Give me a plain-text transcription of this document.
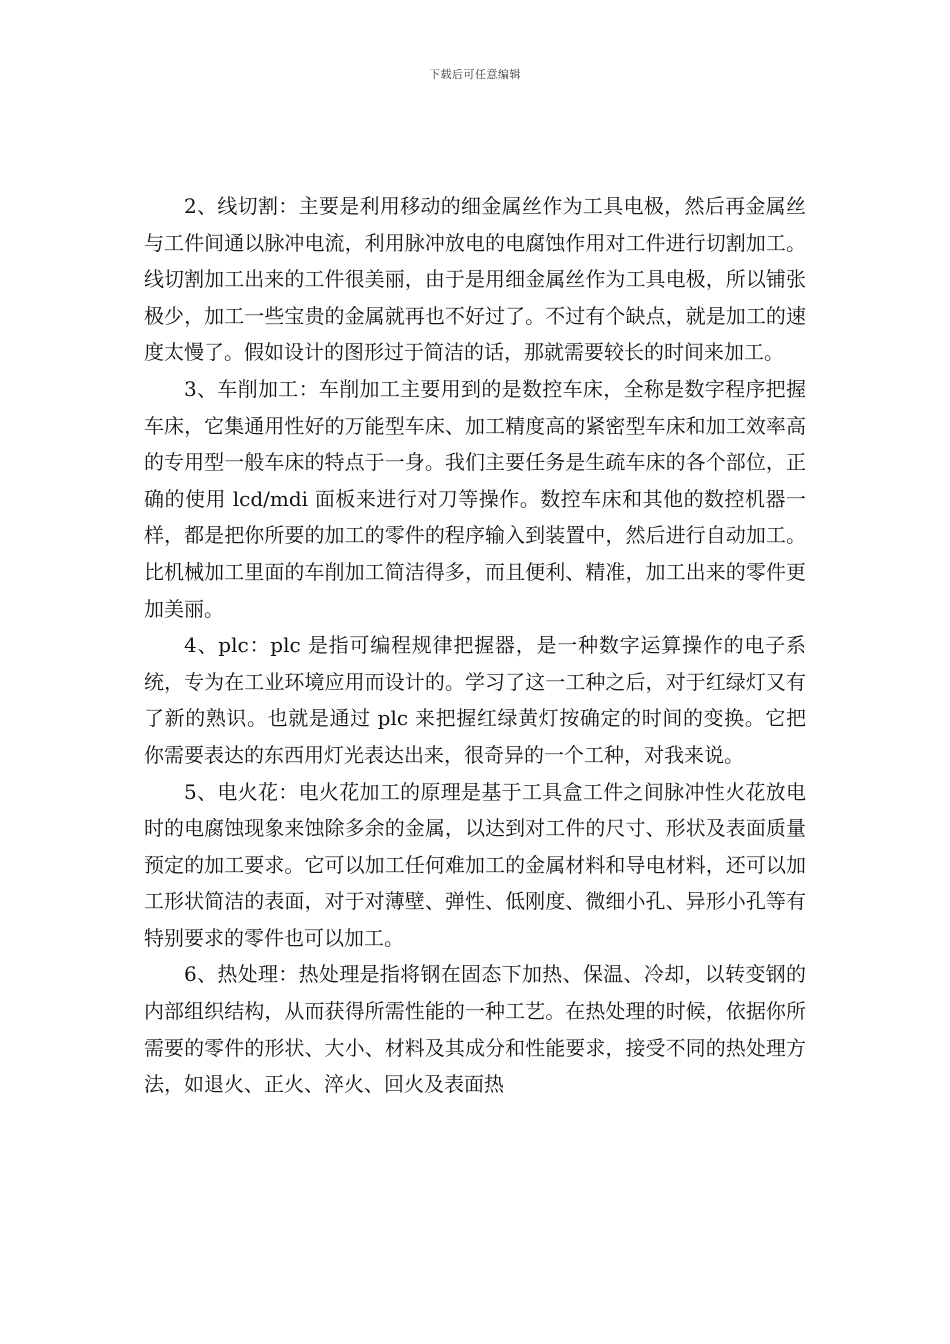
下载后可任意编辑

2、线切割：主要是利用移动的细金属丝作为工具电极，然后再金属丝与工件间通以脉冲电流，利用脉冲放电的电腐蚀作用对工件进行切割加工。线切割加工出来的工件很美丽，由于是用细金属丝作为工具电极，所以铺张极少，加工一些宝贵的金属就再也不好过了。不过有个缺点，就是加工的速度太慢了。假如设计的图形过于简洁的话，那就需要较长的时间来加工。

3、车削加工：车削加工主要用到的是数控车床，全称是数字程序把握车床，它集通用性好的万能型车床、加工精度高的紧密型车床和加工效率高的专用型一般车床的特点于一身。我们主要任务是生疏车床的各个部位，正确的使用 lcd/mdi 面板来进行对刀等操作。数控车床和其他的数控机器一样，都是把你所要的加工的零件的程序输入到装置中，然后进行自动加工。比机械加工里面的车削加工简洁得多，而且便利、精准，加工出来的零件更加美丽。

4、plc：plc 是指可编程规律把握器，是一种数字运算操作的电子系统，专为在工业环境应用而设计的。学习了这一工种之后，对于红绿灯又有了新的熟识。也就是通过 plc 来把握红绿黄灯按确定的时间的变换。它把你需要表达的东西用灯光表达出来，很奇异的一个工种，对我来说。

5、电火花：电火花加工的原理是基于工具盒工件之间脉冲性火花放电时的电腐蚀现象来蚀除多余的金属，以达到对工件的尺寸、形状及表面质量预定的加工要求。它可以加工任何难加工的金属材料和导电材料，还可以加工形状简洁的表面，对于对薄壁、弹性、低刚度、微细小孔、异形小孔等有特别要求的零件也可以加工。

6、热处理：热处理是指将钢在固态下加热、保温、冷却，以转变钢的内部组织结构，从而获得所需性能的一种工艺。在热处理的时候，依据你所需要的零件的形状、大小、材料及其成分和性能要求，接受不同的热处理方法，如退火、正火、淬火、回火及表面热
